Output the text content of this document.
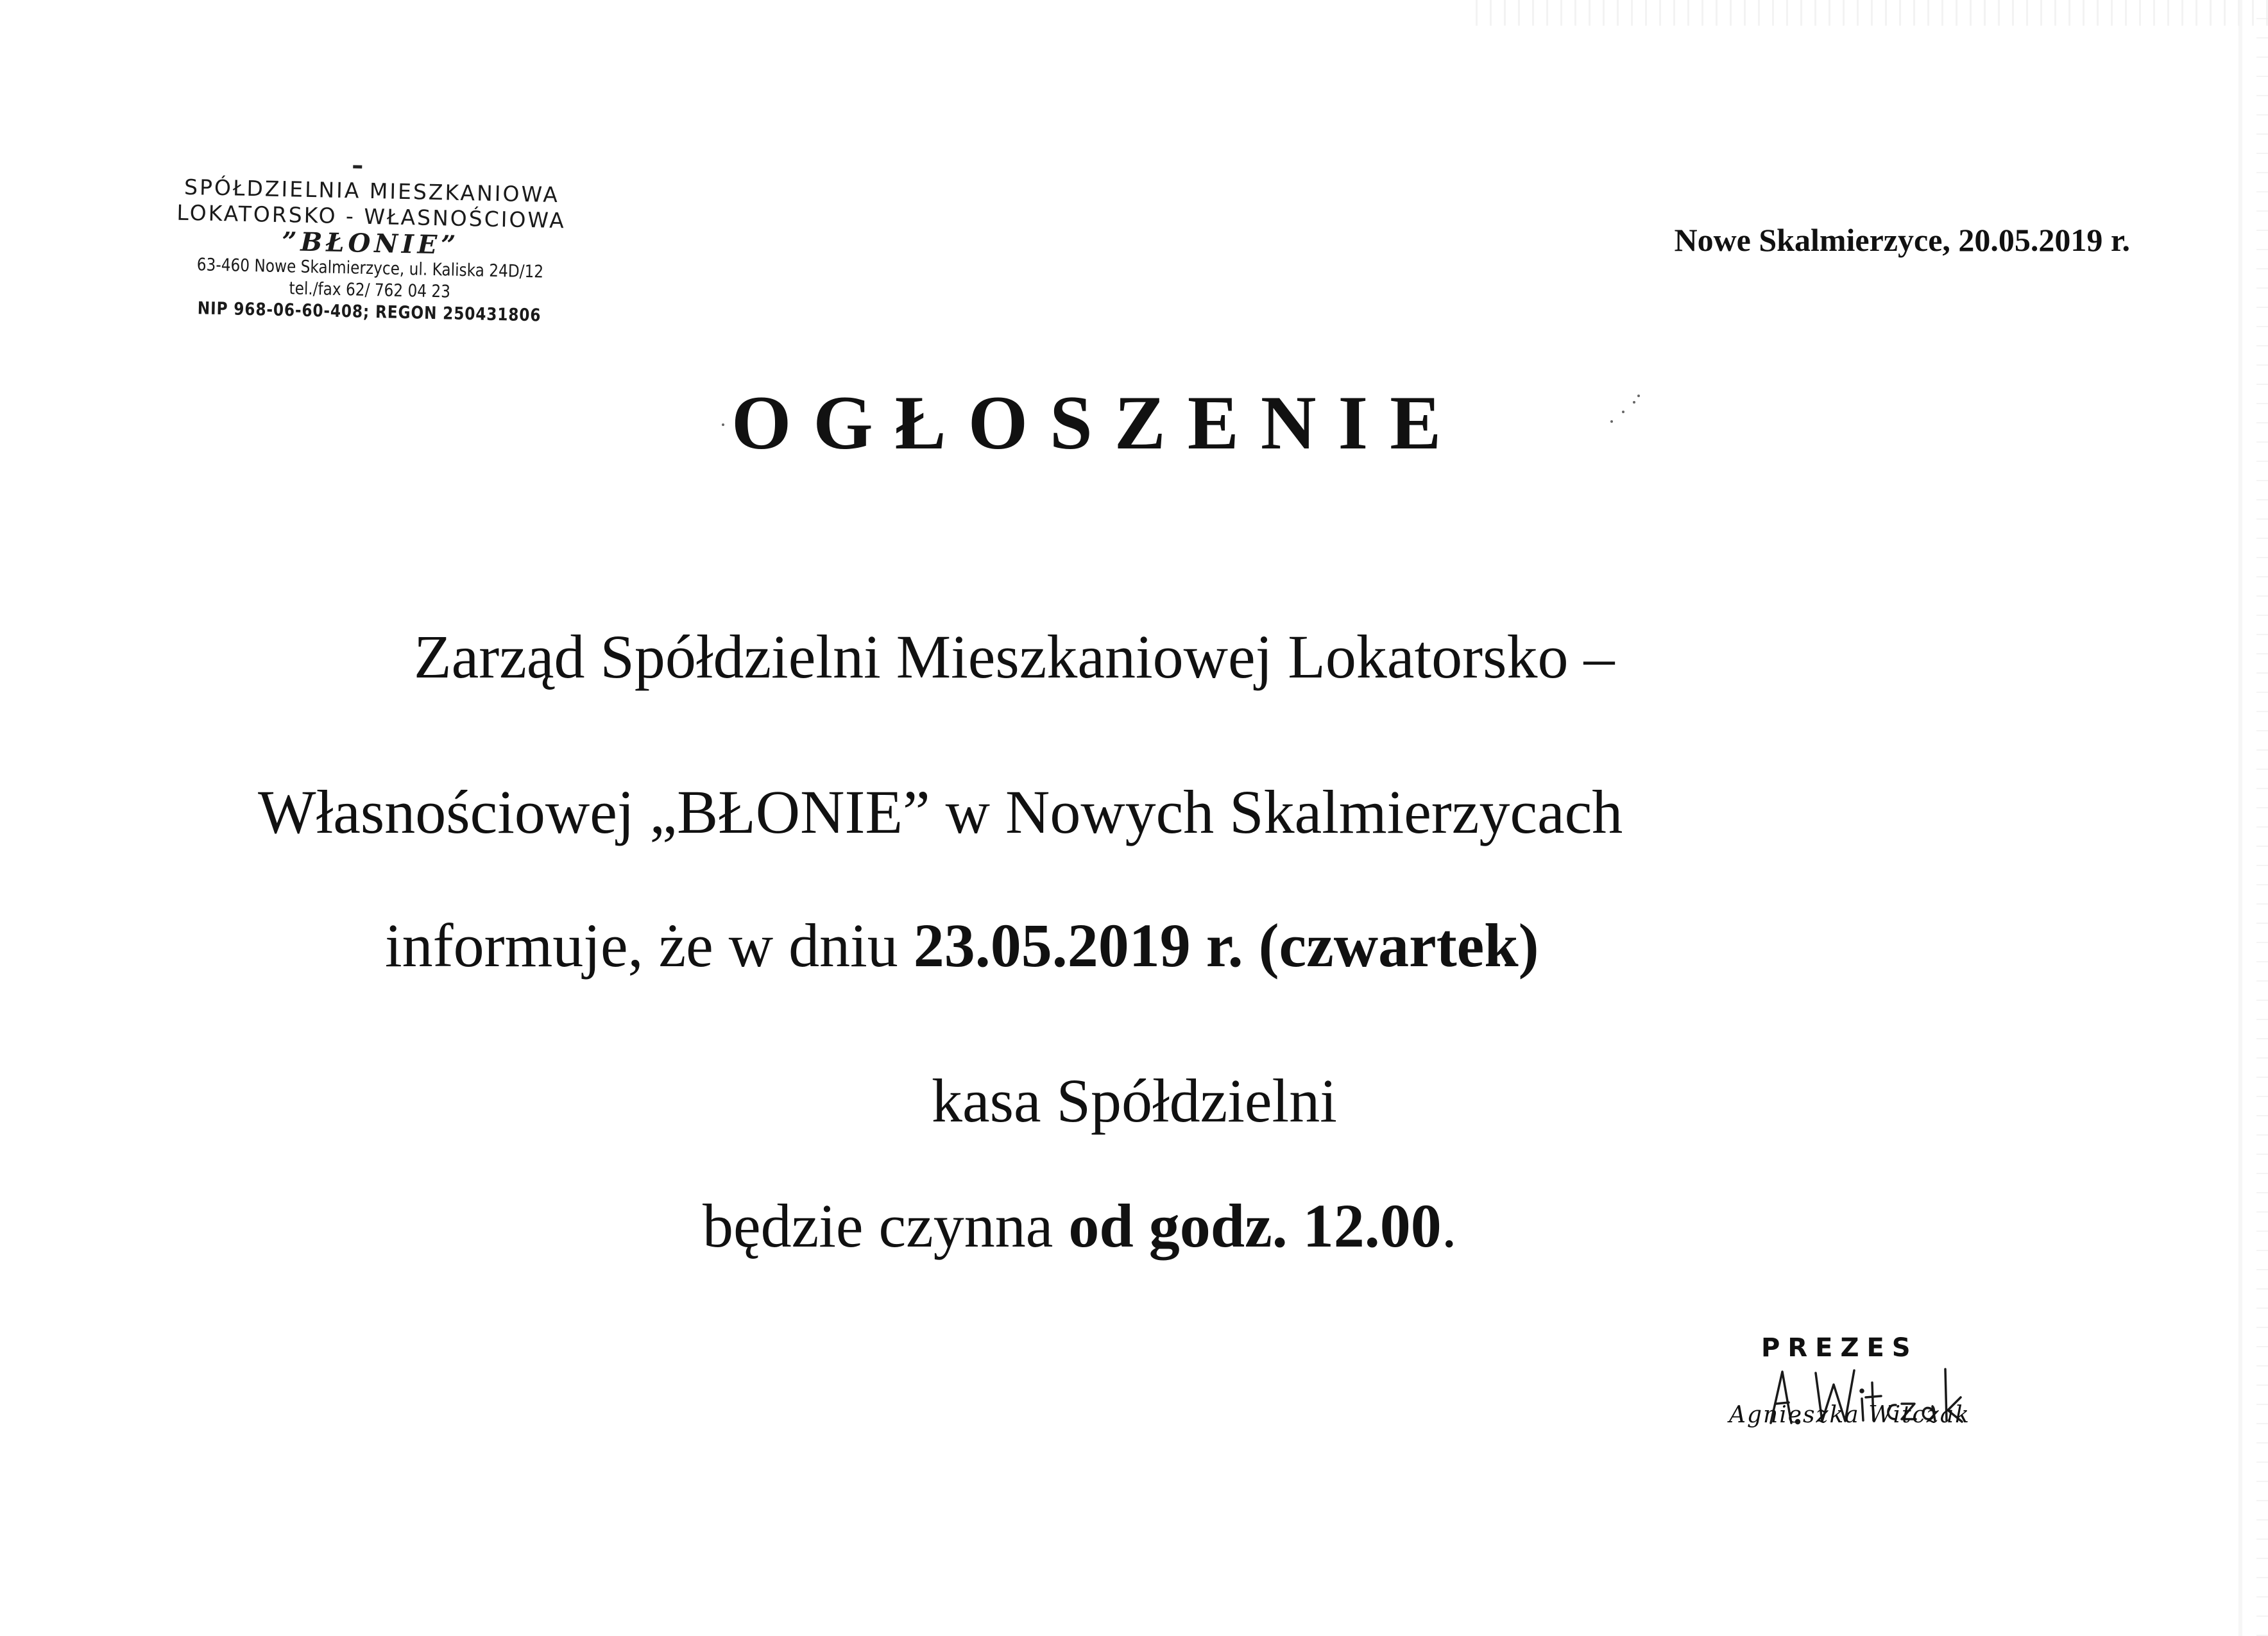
SPÓŁDZIELNIA MIESZKANIOWA
LOKATORSKO - WŁASNOŚCIOWA
”BŁONIE”
63-460 Nowe Skalmierzyce, ul. Kaliska 24D/12
tel./fax 62/ 762 04 23
NIP 968-06-60-408; REGON 250431806
Nowe Skalmierzyce, 20.05.2019 r.
OGŁOSZENIE
Zarząd Spółdzielni Mieszkaniowej Lokatorsko –
Własnościowej „BŁONIE” w Nowych Skalmierzycach
informuje, że w dniu 23.05.2019 r. (czwartek)
kasa Spółdzielni
będzie czynna od godz. 12.00.
PREZES
Agnieszka Witczak
